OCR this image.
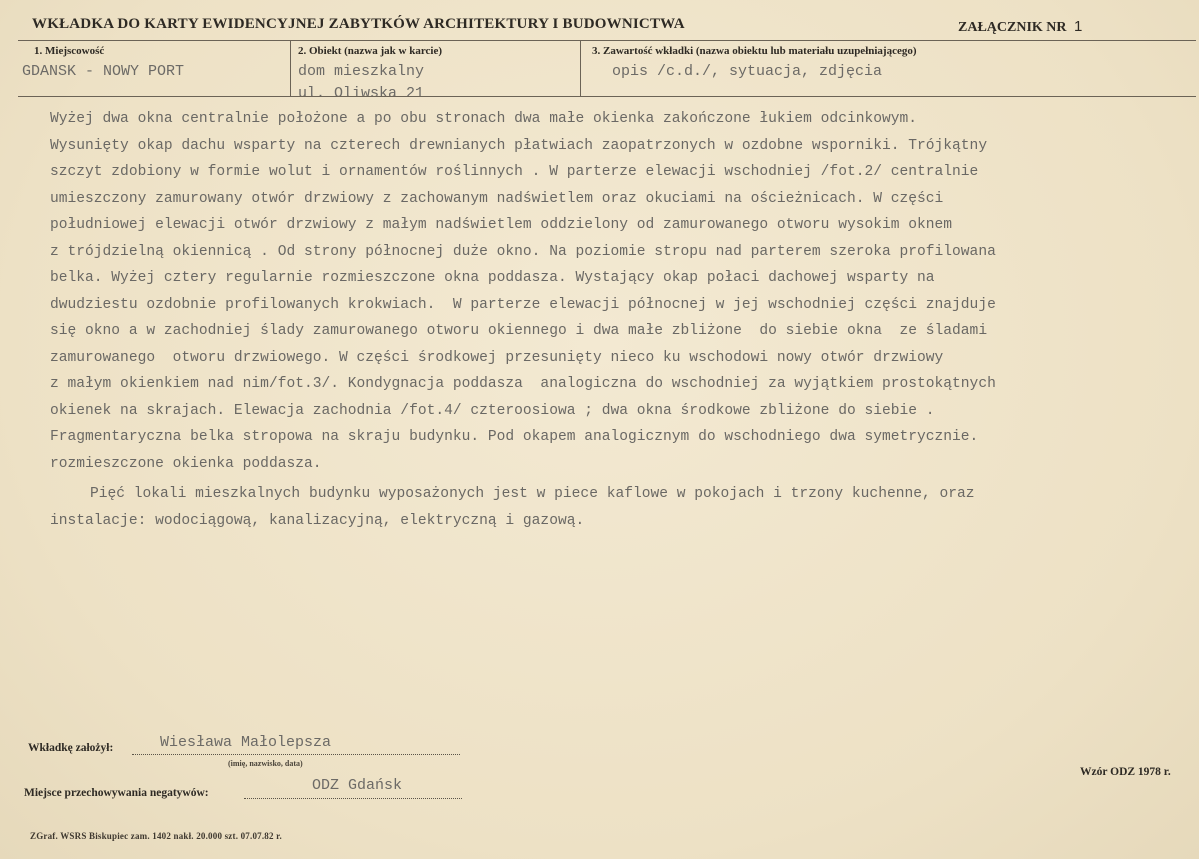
WKŁADKA DO KARTY EWIDENCYJNEJ ZABYTKÓW ARCHITEKTURY I BUDOWNICTWA	ZAŁĄCZNIK NR 1
1. Miejscowość
GDANSK - NOWY PORT
2. Obiekt (nazwa jak w karcie)
dom mieszkalny
ul. Oliwska 21
3. Zawartość wkładki (nazwa obiektu lub materiału uzupełniającego)
opis /c.d./, sytuacja, zdjęcia

Wyżej dwa okna centralnie położone a po obu stronach dwa małe okienka zakończone łukiem odcinkowym.

Wysunięty okap dachu wsparty na czterech drewnianych płatwiach zaopatrzonych w ozdobne wsporniki. Trójkątny

szczyt zdobiony w formie wolut i ornamentów roślinnych . W parterze elewacji wschodniej /fot.2/ centralnie

umieszczony zamurowany otwór drzwiowy z zachowanym nadświetlem oraz okuciami na ościeżnicach. W części

południowej elewacji otwór drzwiowy z małym nadświetlem oddzielony od zamurowanego otworu wysokim oknem

z trójdzielną okiennicą . Od strony północnej duże okno. Na poziomie stropu nad parterem szeroka profilowana

belka. Wyżej cztery regularnie rozmieszczone okna poddasza. Wystający okap połaci dachowej wsparty na

dwudziestu ozdobnie profilowanych krokwiach.  W parterze elewacji północnej w jej wschodniej części znajduje

się okno a w zachodniej ślady zamurowanego otworu okiennego i dwa małe zbliżone  do siebie okna  ze śladami

zamurowanego  otworu drzwiowego. W części środkowej przesunięty nieco ku wschodowi nowy otwór drzwiowy

z małym okienkiem nad nim/fot.3/. Kondygnacja poddasza  analogiczna do wschodniej za wyjątkiem prostokątnych

okienek na skrajach. Elewacja zachodnia /fot.4/ czteroosiowa ; dwa okna środkowe zbliżone do siebie .

Fragmentaryczna belka stropowa na skraju budynku. Pod okapem analogicznym do wschodniego dwa symetrycznie.

rozmieszczone okienka poddasza.

Pięć lokali mieszkalnych budynku wyposażonych jest w piece kaflowe w pokojach i trzony kuchenne, oraz

instalacje: wodociągową, kanalizacyjną, elektryczną i gazową.

Wkładkę założył:	Wiesława Małolepsza
(imię, nazwisko, data)
Miejsce przechowywania negatywów:	ODZ Gdańsk
Wzór ODZ 1978 r.
ZGraf. WSRS Biskupiec zam. 1402 nakł. 20.000 szt. 07.07.82 r.
